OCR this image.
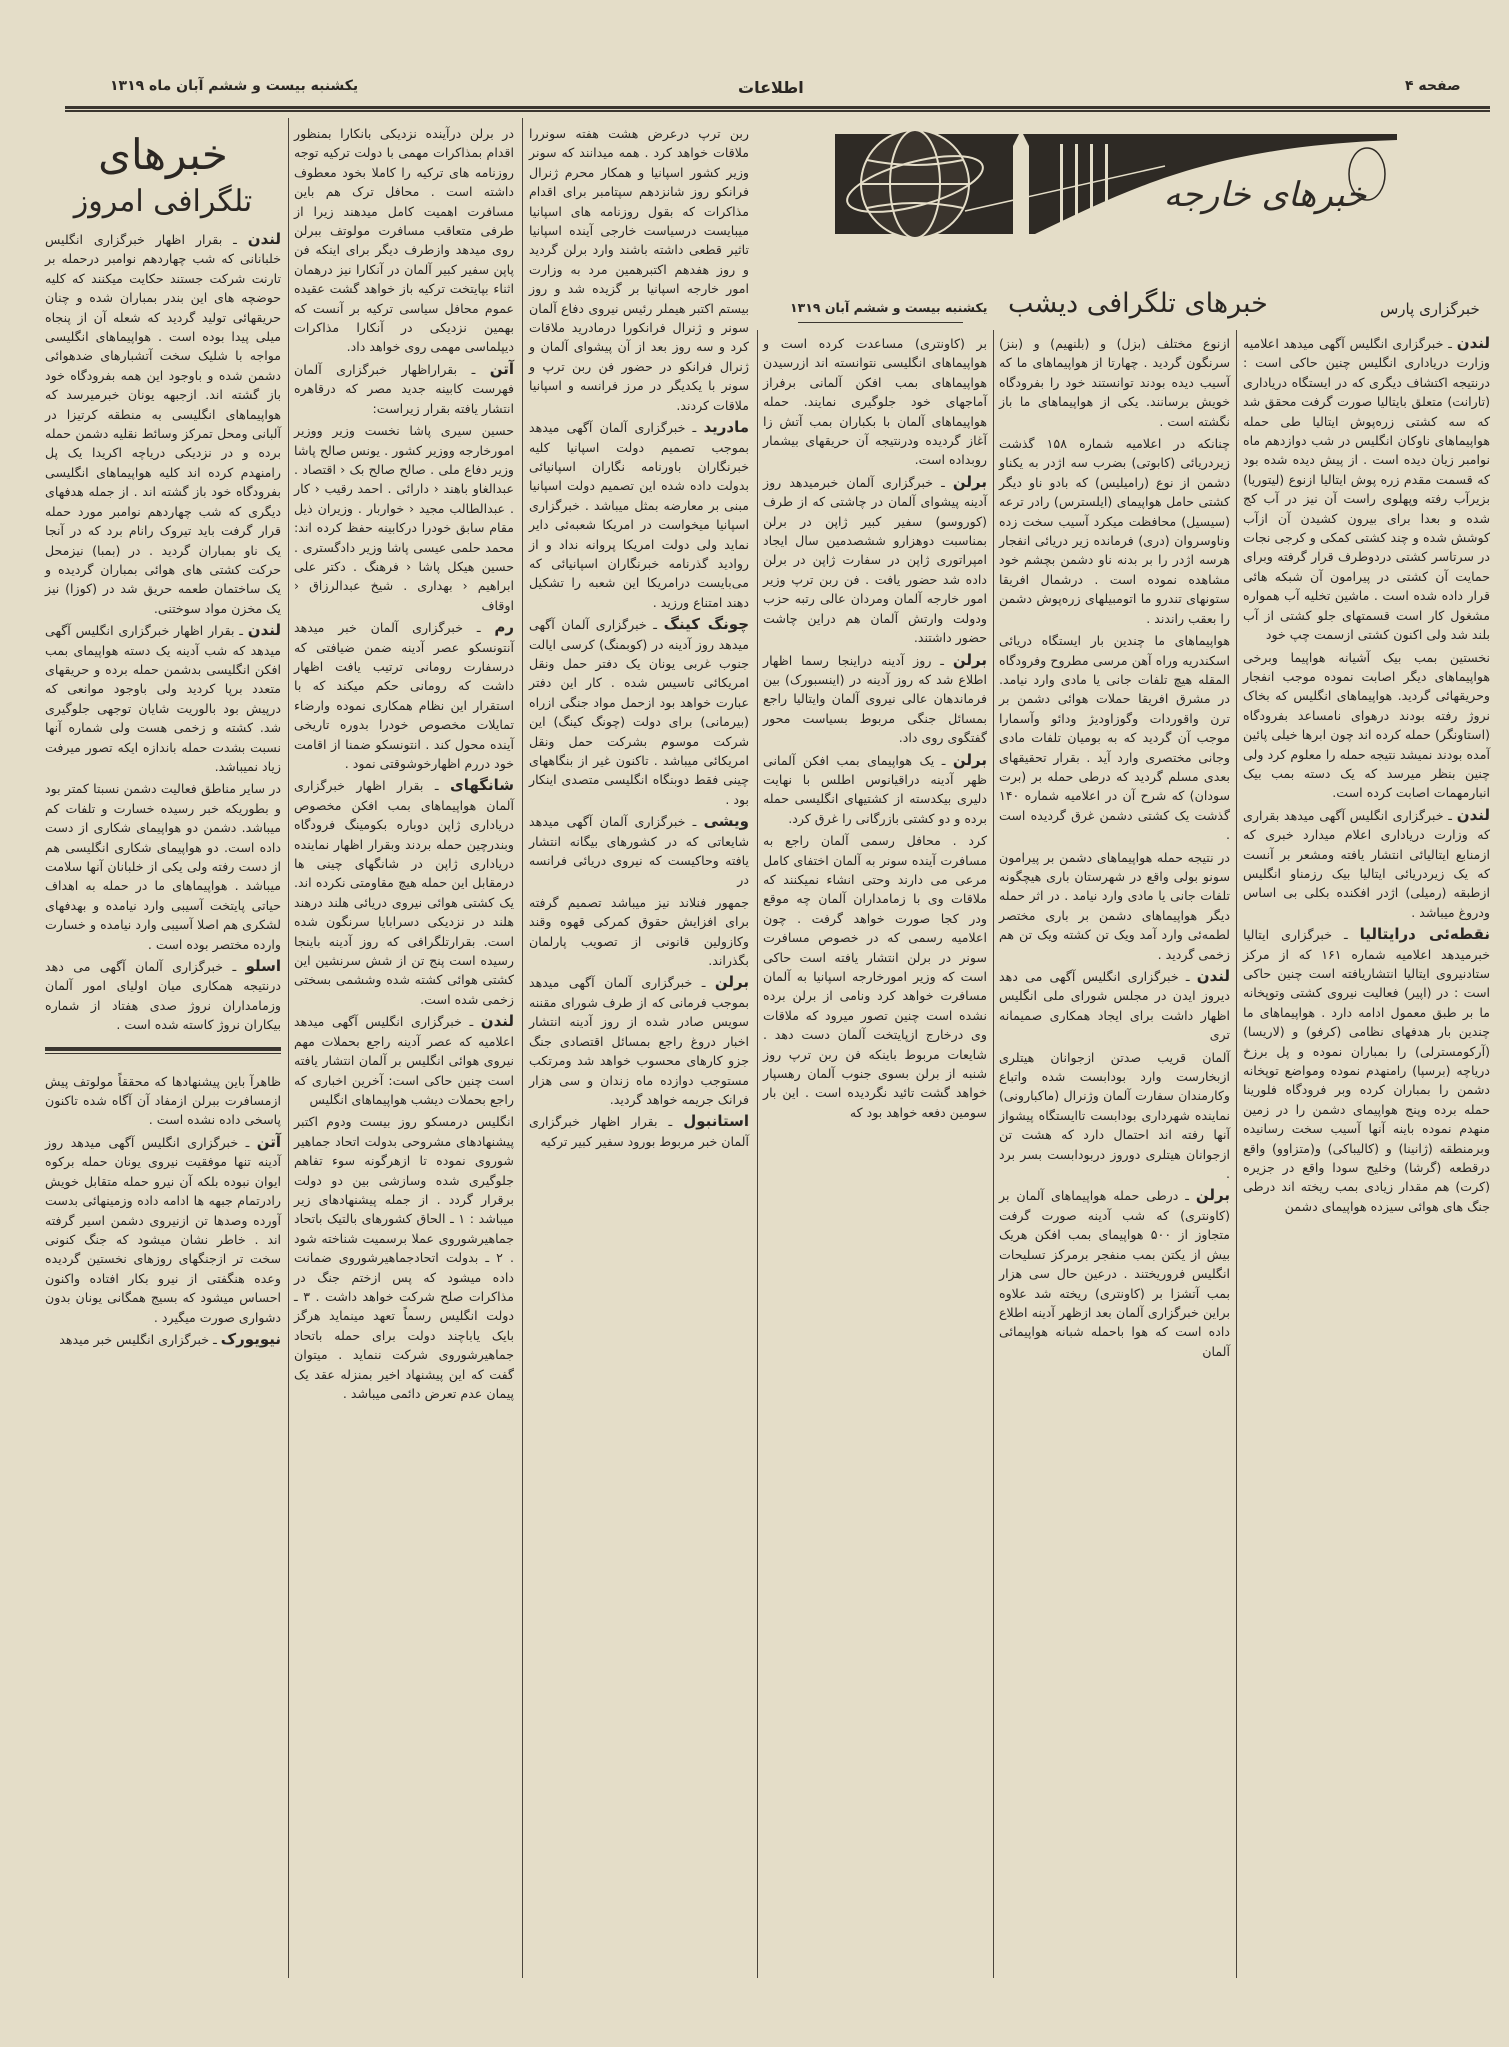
یکشنبه بیست و ششم آبان ماه ۱۳۱۹	اطلاعات	صفحه ۴
خبرهای خارجه
خبرهای تلگرافی دیشب	خبرگزاری پارس
یکشنبه بیست و ششم آبان ۱۳۱۹
خبرهای
تلگرافی امروز

لندن ـ بقرار اظهار خبرگزاری انگلیس خلبانانی که شب چهاردهم نوامبر درحمله بر تارنت شرکت جستند حکایت میکنند که کلیه حوضچه های این بندر بمباران شده و چنان حریقهائی تولید گردید که شعله آن از پنجاه میلی پیدا بوده است . هواپیماهای انگلیسی مواجه با شلیک سخت آتشبارهای ضدهوائی دشمن شده و باوجود این همه بفرودگاه خود باز گشته اند. ازجبهه یونان خبرمیرسد که هواپیماهای انگلیسی به منطقه کرتیزا در آلبانی ومحل تمرکز وسائط نقلیه دشمن حمله برده و در نزدیکی دریاچه اکریدا یک پل رامنهدم کرده اند کلیه هواپیماهای انگلیسی بفرودگاه خود باز گشته اند . از جمله هدفهای دیگری که شب چهاردهم نوامبر مورد حمله قرار گرفت باید تیروک رانام برد که در آنجا یک ناو بمباران گردید . در (بمبا) نیزمحل حرکت کشتی های هوائی بمباران گردیده و یک ساختمان طعمه حریق شد در (کوزا) نیز یک مخزن مواد سوختنی.

لندن ـ بقرار اظهار خبرگزاری انگلیس آگهی میدهد که شب آدینه یک دسته هواپیمای بمب افکن انگلیسی بدشمن حمله برده و حریقهای متعدد برپا کردید ولی باوجود موانعی که درپیش بود بالوریت شایان توجهی جلوگیری شد. کشته و زخمی هست ولی شماره آنها نسبت بشدت حمله باندازه ایکه تصور میرفت زیاد نمیباشد.

در سایر مناطق فعالیت دشمن نسبتا کمتر بود و بطوریکه خبر رسیده خسارت و تلفات کم میباشد. دشمن دو هواپیمای شکاری از دست داده است. دو هواپیمای شکاری انگلیسی هم از دست رفته ولی یکی از خلبانان آنها سلامت میباشد . هواپیماهای ما در حمله به اهداف حیاتی پایتخت آسیبی وارد نیامده و بهدفهای لشکری هم اصلا آسیبی وارد نیامده و خسارت وارده مختصر بوده است .

اسلو ـ خبرگزاری آلمان آگهی می دهد درنتیجه همکاری میان اولیای امور آلمان وزمامداران نروژ صدی هفتاد از شماره بیکاران نروژ کاسته شده است .

ظاهرآ باین پیشنهادها که محققاً مولوتف پیش ازمسافرت ببرلن ازمفاد آن آگاه شده تاکنون پاسخی داده نشده است .

آتن ـ خبرگزاری انگلیس آگهی میدهد روز آدینه تنها موفقیت نیروی یونان حمله برکوه ایوان نبوده بلکه آن نیرو حمله متقابل خویش رادرتمام جبهه ها ادامه داده وزمینهائی بدست آورده وصدها تن ازنیروی دشمن اسیر گرفته اند . خاطر نشان میشود که جنگ کنونی سخت تر ازجنگهای روزهای نخستین گردیده وعده هنگفتی از نیرو بکار افتاده واکنون احساس میشود که بسیج همگانی یونان بدون دشواری صورت میگیرد .

نیویورک ـ خبرگزاری انگلیس خبر میدهد

در برلن درآینده نزدیکی بانکارا بمنظور اقدام بمذاکرات مهمی با دولت ترکیه توجه روزنامه های ترکیه را کاملا بخود معطوف داشته است . محافل ترک هم باین مسافرت اهمیت کامل میدهند زیرا از طرفی متعاقب مسافرت مولوتف ببرلن روی میدهد وازطرف دیگر برای اینکه فن پاپن سفیر کبیر آلمان در آنکارا نیز درهمان اثناء بپایتخت ترکیه باز خواهد گشت عقیده عموم محافل سیاسی ترکیه بر آنست که بهمین نزدیکی در آنکارا مذاکرات دیپلماسی مهمی روی خواهد داد.

آتن ـ بقراراظهار خبرگزاری آلمان فهرست کابینه جدید مصر که درقاهره انتشار یافته بقرار زیراست:

حسین سیری پاشا نخست وزیر ووزیر امورخارجه ووزیر کشور . یونس صالح پاشا وزیر دفاع ملی . صالح صالح بک ‹ اقتصاد . عبدالغاو باهند ‹ دارائی . احمد رقیب ‹ کار . عبدالطالب مجید ‹ خواربار . وزیران ذیل مقام سابق خودرا درکابینه حفظ کرده اند: محمد حلمی عیسی پاشا وزیر دادگستری . حسین هیکل پاشا ‹ فرهنگ . دکتر علی ابراهیم ‹ بهداری . شیخ عبدالرزاق ‹ اوقاف

رم ـ خبرگزاری آلمان خبر میدهد آنتونسکو عصر آدینه ضمن ضیافتی که درسفارت رومانی ترتیب یافت اظهار داشت که رومانی حکم میکند که با استقرار این نظام همکاری نموده وارضاء تمایلات مخصوص خودرا بدوره تاریخی آینده محول کند . انتونسکو ضمنا از اقامت خود دررم اظهارخوشوقتی نمود .

شانگهای ـ بقرار اظهار خبرگزاری آلمان هواپیماهای بمب افکن مخصوص دریاداری ژاپن دوباره بکومینگ فرودگاه وبندرچین حمله بردند وبقرار اظهار نماینده دریاداری ژاپن در شانگهای چینی ها درمقابل این حمله هیچ مقاومتی نکرده اند. یک کشتی هوائی نیروی دریائی هلند درهند هلند در نزدیکی دسرابایا سرنگون شده است. بقرارتلگرافی که روز آدینه باینجا رسیده است پنج تن از شش سرنشین این کشتی هوائی کشته شده وششمی بسختی زخمی شده است.

لندن ـ خبرگزاری انگلیس آگهی میدهد اعلامیه که عصر آدینه راجع بحملات مهم نیروی هوائی انگلیس بر آلمان انتشار یافته است چنین حاکی است: آخرین اخباری که راجع بحملات دیشب هواپیماهای انگلیس

انگلیس درمسکو روز بیست ودوم اکتبر پیشنهادهای مشروحی بدولت اتحاد جماهیر شوروی نموده تا ازهرگونه سوء تفاهم جلوگیری شده وسازشی بین دو دولت برقرار گردد . از جمله پیشنهادهای زیر میباشد : ۱ ـ الحاق کشورهای بالتیک باتحاد جماهیرشوروی عملا برسمیت شناخته شود . ۲ ـ بدولت اتحادجماهیرشوروی ضمانت داده میشود که پس ازختم جنگ در مذاکرات صلح شرکت خواهد داشت . ۳ ـ دولت انگلیس رسماً تعهد مینماید هرگز بایک یاباچند دولت برای حمله باتحاد جماهیرشوروی شرکت ننماید . میتوان گفت که این پیشنهاد اخیر بمنزله عقد یک پیمان عدم تعرض دائمی میباشد .

ربن ترپ درعرض هشت هفته سونررا ملاقات خواهد کرد . همه میدانند که سونر وزیر کشور اسپانیا و همکار محرم ژنرال فرانکو روز شانزدهم سپتامبر برای اقدام مذاکرات که بقول روزنامه های اسپانیا میبایست درسیاست خارجی آینده اسپانیا تاثیر قطعی داشته باشند وارد برلن گردید و روز هفدهم اکتبرهمین مرد به وزارت امور خارجه اسپانیا بر گزیده شد و روز بیستم اکتبر هیملر رئیس نیروی دفاع آلمان سونر و ژنرال فرانکورا درمادرید ملاقات کرد و سه روز بعد از آن پیشوای آلمان و ژنرال فرانکو در حضور فن ربن ترپ و سونر با یکدیگر در مرز فرانسه و اسپانیا ملاقات کردند.

مادرید ـ خبرگزاری آلمان آگهی میدهد بموجب تصمیم دولت اسپانیا کلیه خبرنگاران باورنامه نگاران اسپانیائی بدولت داده شده این تصمیم دولت اسپانیا مبنی بر معارضه بمثل میباشد . خبرگزاری اسپانیا میخواست در امریکا شعبه‌ئی دایر نماید ولی دولت امریکا پروانه نداد و از روادید گذرنامه خبرنگاران اسپانیائی که می‌بایست درامریکا این شعبه را تشکیل دهند امتناع ورزید .

چونگ کینگ ـ خبرگزاری آلمان آگهی میدهد روز آدینه در (کوبمنگ) کرسی ایالت جنوب غربی یونان یک دفتر حمل ونقل امریکائی تاسیس شده . کار این دفتر عبارت خواهد بود ازحمل مواد جنگی ازراه (بیرمانی) برای دولت (چونگ کینگ) این شرکت موسوم بشرکت حمل ونقل امریکائی میباشد . تاکنون غیر از بنگاههای چینی فقط دوبنگاه انگلیسی متصدی اینکار بود .

ویشی ـ خبرگزاری آلمان آگهی میدهد شایعاتی که در کشورهای بیگانه انتشار یافته وحاکیست که نیروی دریائی فرانسه در

جمهور فنلاند نیز میباشد تصمیم گرفته برای افزایش حقوق کمرکی قهوه وقند وکازولین قانونی از تصویب پارلمان بگذراند.

برلن ـ خبرگزاری آلمان آگهی میدهد بموجب فرمانی که از طرف شورای مقننه سویس صادر شده از روز آدینه انتشار اخبار دروغ راجع بمسائل اقتصادی جنگ جزو کارهای محسوب خواهد شد ومرتکب مستوجب دوازده ماه زندان و سی هزار فرانک جریمه خواهد گردید.

استانبول ـ بقرار اظهار خبرگزاری آلمان خبر مربوط بورود سفیر کبیر ترکیه

بر (کاونتری) مساعدت کرده است و هواپیماهای انگلیسی نتوانسته اند ازرسیدن هواپیماهای بمب افکن آلمانی برفراز آماجهای خود جلوگیری نمایند. حمله هواپیماهای آلمان با بکباران بمب آتش زا آغاز گردیده ودرنتیجه آن حریقهای بیشمار روبداده است.

برلن ـ خبرگزاری آلمان خبرمیدهد روز آدینه پیشوای آلمان در چاشتی که از طرف (کوروسو) سفیر کبیر ژاپن در برلن بمناسبت دوهزارو ششصدمین سال ایجاد امپراتوری ژاپن در سفارت ژاپن در برلن داده شد حضور یافت . فن ربن ترپ وزیر امور خارجه آلمان ومردان عالی رتبه حزب ودولت وارتش آلمان هم دراین چاشت حضور داشتند.

برلن ـ روز آدینه دراینجا رسما اظهار اطلاع شد که روز آدینه در (اینسبورک) بین فرماندهان عالی نیروی آلمان وایتالیا راجع بمسائل جنگی مربوط بسیاست محور گفتگوی روی داد.

برلن ـ یک هواپیمای بمب افکن آلمانی ظهر آدینه دراقیانوس اطلس با نهایت دلیری بیکدسته از کشتیهای انگلیسی حمله برده و دو کشتی بازرگانی را غرق کرد.

کرد . محافل رسمی آلمان راجع به مسافرت آینده سونر به آلمان اختفای کامل مرعی می دارند وحتی انشاء نمیکنند که ملاقات وی با زمامداران آلمان چه موقع ودر کجا صورت خواهد گرفت . چون اعلامیه رسمی که در خصوص مسافرت سونر در برلن انتشار یافته است حاکی است که وزیر امورخارجه اسپانیا به آلمان مسافرت خواهد کرد ونامی از برلن برده نشده است چنین تصور میرود که ملاقات وی درخارج ازپایتخت آلمان دست دهد . شایعات مربوط باینکه فن ربن ترپ روز شنبه از برلن بسوی جنوب آلمان رهسپار خواهد گشت تائید نگردیده است . این بار سومین دفعه خواهد بود که

ازنوع مختلف (بزل) و (بلنهیم) و (بنز) سرنگون گردید . چهارتا از هواپیماهای ما که آسیب دیده بودند توانستند خود را بفرودگاه خویش برسانند. یکی از هواپیماهای ما باز نگشته است .

چنانکه در اعلامیه شماره ۱۵۸ گذشت زیردریائی (کابوتی) بضرب سه اژدر به یکناو دشمن از نوع (رامیلیس) که بادو ناو دیگر کشتی حامل هواپیمای (ایلسترس) رادر ترعه (سیسیل) محافظت میکرد آسیب سخت زده وناوسروان (دری) فرمانده زیر دریائی انفجار هرسه اژدر را بر بدنه ناو دشمن بچشم خود مشاهده نموده است . درشمال افریقا ستونهای تندرو ما اتومبیلهای زره‌پوش دشمن را بعقب راندند .

هواپیماهای ما چندین بار ایستگاه دریائی اسکندریه وراه آهن مرسی مطروح وفرودگاه المقله هیچ تلفات جانی یا مادی وارد نیامد. در مشرق افریقا حملات هوائی دشمن بر ترن واقوردات وگوزاودیژ ودائو وآسمارا موجب آن گردید که به بومیان تلفات مادی وجانی مختصری وارد آید . بقرار تحقیقهای بعدی مسلم گردید که درطی حمله بر (برت سودان) که شرح آن در اعلامیه شماره ۱۴۰ گذشت یک کشتی دشمن غرق گردیده است .

در نتیجه حمله هواپیماهای دشمن بر پیرامون سونو بولی واقع در شهرستان باری هیچگونه تلفات جانی یا مادی وارد نیامد . در اثر حمله دیگر هواپیماهای دشمن بر باری مختصر لطمه‌ئی وارد آمد ویک تن کشته ویک تن هم زخمی گردید .

لندن ـ خبرگزاری انگلیس آگهی می دهد دیروز ایدن در مجلس شورای ملی انگلیس اظهار داشت برای ایجاد همکاری صمیمانه تری

آلمان قریب صدتن ازجوانان هیتلری ازبخارست وارد بودابست شده واتباع وکارمندان سفارت آلمان وژنرال (ماکبارونی) نماینده شهرداری بودابست تاایستگاه پیشواز آنها رفته اند احتمال دارد که هشت تن ازجوانان هیتلری دوروز دربودابست بسر برد .

برلن ـ درطی حمله هواپیماهای آلمان بر (کاونتری) که شب آدینه صورت گرفت متجاوز از ۵۰۰ هواپیمای بمب افکن هریک بیش از یکتن بمب منفجر برمرکز تسلیحات انگلیس فروریختند . درعین حال سی هزار بمب آتشزا بر (کاونتری) ریخته شد علاوه براین خبرگزاری آلمان بعد ازظهر آدینه اطلاع داده است که هوا باحمله شبانه هواپیمائی آلمان

لندن ـ خبرگزاری انگلیس آگهی میدهد اعلامیه وزارت دریاداری انگلیس چنین حاکی است : درنتیجه اکتشاف دیگری که در ایستگاه دریاداری (تارانت) متعلق بایتالیا صورت گرفت محقق شد که سه کشتی زره‌پوش ایتالیا طی حمله هواپیماهای ناوکان انگلیس در شب دوازدهم ماه نوامبر زیان دیده است . از پیش دیده شده بود که قسمت مقدم زره پوش ایتالیا ازنوع (لیتوریا) بزیرآب رفته وپهلوی راست آن نیز در آب کج شده و بعدا برای بیرون کشیدن آن ازآب کوشش شده و چند کشتی کمکی و کرجی نجات در سرتاسر کشتی دردوطرف قرار گرفته وبرای حمایت آن کشتی در پیرامون آن شبکه هائی قرار داده شده است . ماشین تخلیه آب همواره مشغول کار است قسمتهای جلو کشتی از آب بلند شد ولی اکنون کشتی ازسمت چپ خود

نخستین بمب بیک آشیانه هواپیما وبرخی هواپیماهای دیگر اصابت نموده موجب انفجار وحریقهائی گردید. هواپیماهای انگلیس که بخاک نروژ رفته بودند درهوای نامساعد بفرودگاه (استاونگر) حمله کرده اند چون ابرها خیلی پائین آمده بودند نمیشد نتیجه حمله را معلوم کرد ولی چنین بنظر میرسد که یک دسته بمب بیک انبارمهمات اصابت کرده است.

لندن ـ خبرگزاری انگلیس آگهی میدهد بقراری که وزارت دریاداری اعلام میدارد خبری که ازمنابع ایتالیائی انتشار یافته ومشعر بر آنست که یک زیردریائی ایتالیا بیک رزمناو انگلیس ازطبقه (رمیلی) اژدر افکنده بکلی بی اساس ودروغ میباشد .

نقطه‌ئی درایتالیا ـ خبرگزاری ایتالیا خبرمیدهد اعلامیه شماره ۱۶۱ که از مرکز ستادنیروی ایتالیا انتشاریافته است چنین حاکی است : در (اپیر) فعالیت نیروی کشتی وتوپخانه ما بر طبق معمول ادامه دارد . هواپیماهای ما چندین بار هدفهای نظامی (کرفو) و (لاریسا) (آرکومسترلی) را بمباران نموده و پل برزخ دریاچه (برسپا) رامنهدم نموده ومواضع توپخانه دشمن را بمباران کرده وبر فرودگاه فلورینا حمله برده وپنج هواپیمای دشمن را در زمین منهدم نموده باینه آنها آسیب سخت رسانیده وبرمنطقه (ژانینا) و (کالیباکی) و(متزاوو) واقع درقطعه (گرشا) وخلیج سودا واقع در جزیره (کرت) هم مقدار زیادی بمب ریخته اند درطی جنگ های هوائی سیزده هواپیمای دشمن
